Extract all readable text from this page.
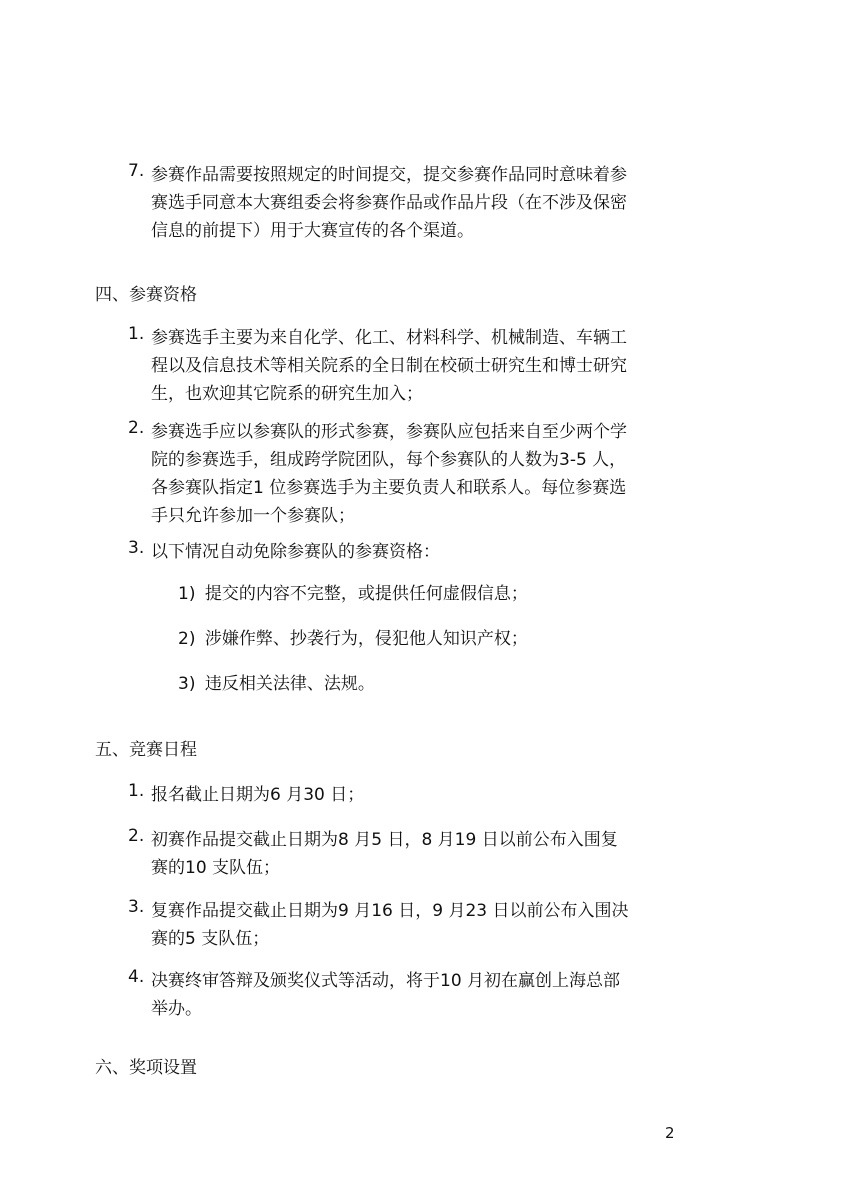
7. 参赛作品需要按照规定的时间提交，提交参赛作品同时意味着参
赛选手同意本大赛组委会将参赛作品或作品片段（在不涉及保密
信息的前提下）用于大赛宣传的各个渠道。
四、参赛资格
1. 参赛选手主要为来自化学、化工、材料科学、机械制造、车辆工
程以及信息技术等相关院系的全日制在校硕士研究生和博士研究
生，也欢迎其它院系的研究生加入；
2. 参赛选手应以参赛队的形式参赛，参赛队应包括来自至少两个学
院的参赛选手，组成跨学院团队，每个参赛队的人数为3-5 人，
各参赛队指定1 位参赛选手为主要负责人和联系人。每位参赛选
手只允许参加一个参赛队；
3. 以下情况自动免除参赛队的参赛资格：
1) 提交的内容不完整，或提供任何虚假信息；
2) 涉嫌作弊、抄袭行为，侵犯他人知识产权；
3) 违反相关法律、法规。
五、竞赛日程
1. 报名截止日期为6 月30 日；
2. 初赛作品提交截止日期为8 月5 日，8 月19 日以前公布入围复
赛的10 支队伍；
3. 复赛作品提交截止日期为9 月16 日，9 月23 日以前公布入围决
赛的5 支队伍；
4. 决赛终审答辩及颁奖仪式等活动，将于10 月初在赢创上海总部
举办。
六、奖项设置
2
